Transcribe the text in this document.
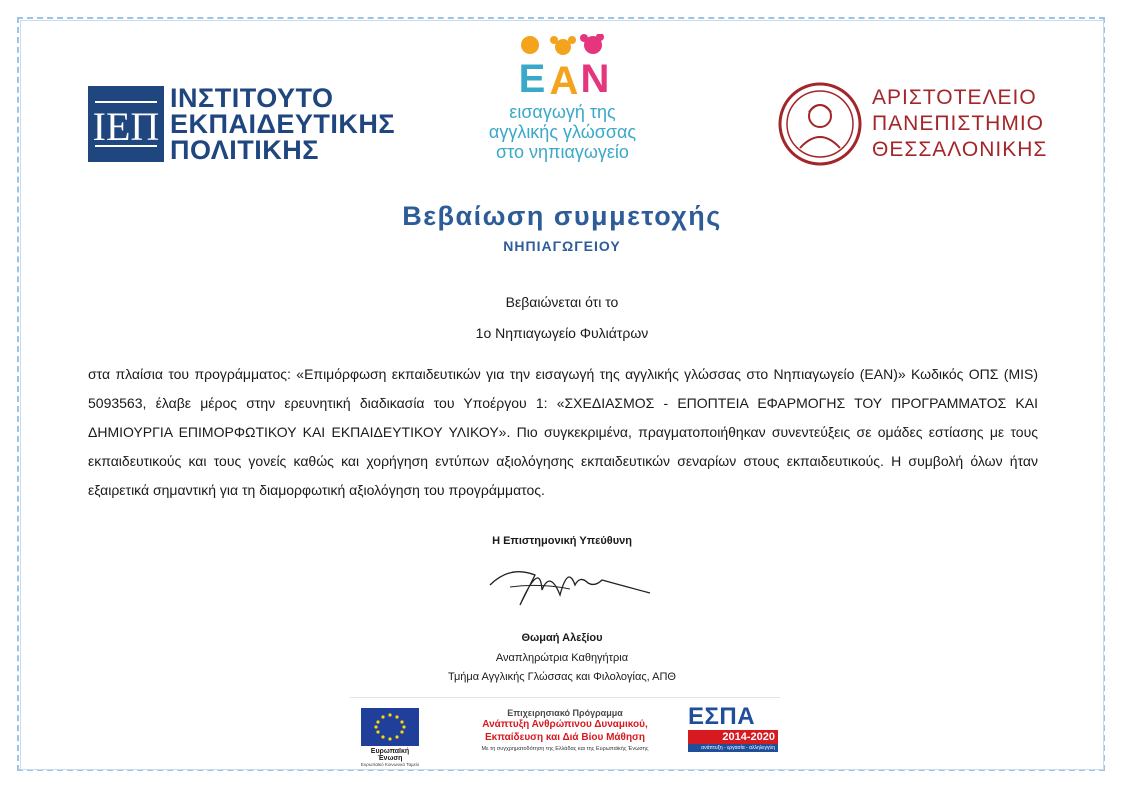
ΙΕΠ
ΙΝΣΤΙΤΟΥΤΟ
ΕΚΠΑΙΔΕΥΤΙΚΗΣ
ΠΟΛΙΤΙΚΗΣ
E A N
εισαγωγή της
αγγλικής γλώσσας
στο νηπιαγωγείο
ΑΡΙΣΤΟΤΕΛΕΙΟ
ΠΑΝΕΠΙΣΤΗΜΙΟ
ΘΕΣΣΑΛΟΝΙΚΗΣ
Βεβαίωση συμμετοχής
ΝΗΠΙΑΓΩΓΕΙΟΥ
Βεβαιώνεται ότι το
1ο Νηπιαγωγείο Φυλιάτρων
στα πλαίσια του προγράμματος: «Επιμόρφωση εκπαιδευτικών για την εισαγωγή της αγγλικής γλώσσας στο Νηπιαγωγείο (ΕΑΝ)» Κωδικός ΟΠΣ (MIS) 5093563, έλαβε μέρος στην ερευνητική διαδικασία του Υποέργου 1: «ΣΧΕΔΙΑΣΜΟΣ - ΕΠΟΠΤΕΙΑ ΕΦΑΡΜΟΓΗΣ ΤΟΥ ΠΡΟΓΡΑΜΜΑΤΟΣ ΚΑΙ ΔΗΜΙΟΥΡΓΙΑ ΕΠΙΜΟΡΦΩΤΙΚΟΥ ΚΑΙ ΕΚΠΑΙΔΕΥΤΙΚΟΥ ΥΛΙΚΟΥ». Πιο συγκεκριμένα, πραγματοποιήθηκαν συνεντεύξεις σε ομάδες εστίασης με τους εκπαιδευτικούς και τους γονείς καθώς και χορήγηση εντύπων αξιολόγησης εκπαιδευτικών σεναρίων στους εκπαιδευτικούς. Η συμβολή όλων ήταν εξαιρετικά σημαντική για τη διαμορφωτική αξιολόγηση του προγράμματος.
Η Επιστημονική Υπεύθυνη
Θωμαή Αλεξίου
Αναπληρώτρια Καθηγήτρια
Τμήμα Αγγλικής Γλώσσας και Φιλολογίας, ΑΠΘ
Ευρωπαϊκή Ένωση
Ευρωπαϊκό Κοινωνικό Ταμείο
Επιχειρησιακό Πρόγραμμα
Ανάπτυξη Ανθρώπινου Δυναμικού,
Εκπαίδευση και Διά Βίου Μάθηση
Με τη συγχρηματοδότηση της Ελλάδας και της Ευρωπαϊκής Ένωσης
ΕΣΠΑ
2014-2020
ανάπτυξη - εργασία - αλληλεγγύη
